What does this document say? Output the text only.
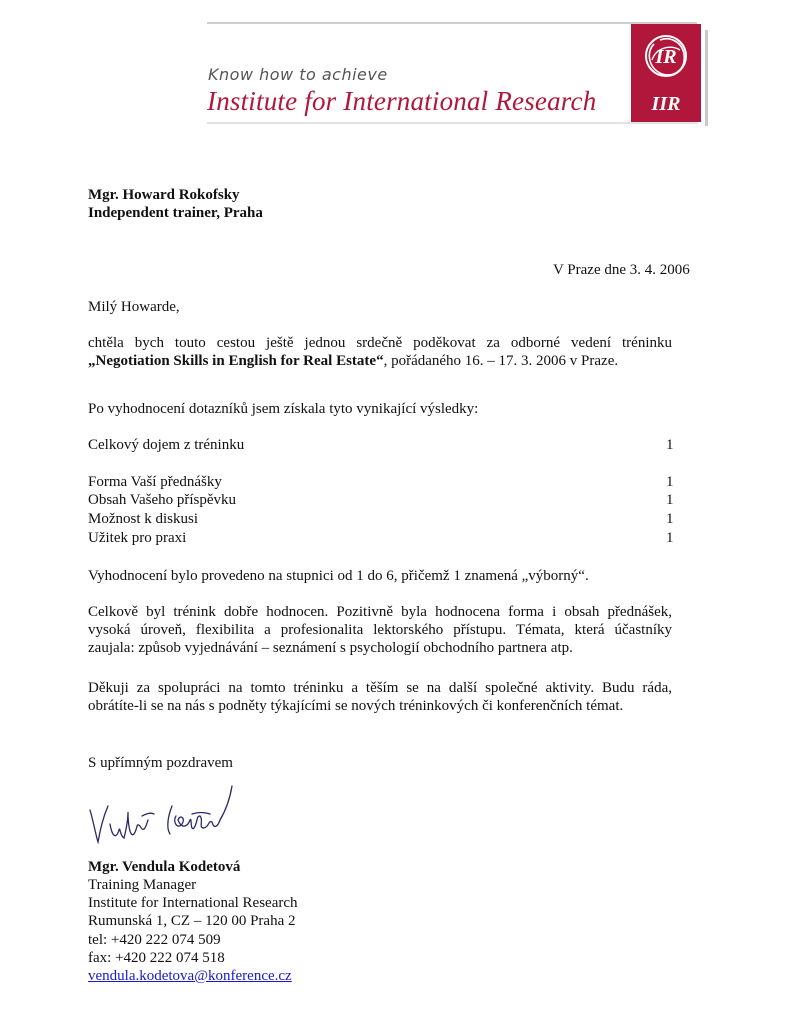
Know how to achieve
Institute for International Research
IR
IIR
Mgr. Howard Rokofsky
Independent trainer, Praha
V Praze dne 3. 4. 2006
Milý Howarde,
chtěla bych touto cestou ještě jednou srdečně poděkovat za odborné vedení tréninku
„Negotiation Skills in English for Real Estate“, pořádaného 16. – 17. 3. 2006 v Praze.
Po vyhodnocení dotazníků jsem získala tyto vynikající výsledky:
Celkový dojem z tréninku	1
Forma Vaší přednášky	1
Obsah Vašeho příspěvku	1
Možnost k diskusi	1
Užitek pro praxi	1
Vyhodnocení bylo provedeno na stupnici od 1 do 6, přičemž 1 znamená „výborný“.
Celkově byl trénink dobře hodnocen. Pozitivně byla hodnocena forma i obsah přednášek,
vysoká úroveň, flexibilita a profesionalita lektorského přístupu. Témata, která účastníky
zaujala: způsob vyjednávání – seznámení s psychologií obchodního partnera atp.
Děkuji za spolupráci na tomto tréninku a těším se na další společné aktivity. Budu ráda,
obrátíte-li se na nás s podněty týkajícími se nových tréninkových či konferenčních témat.
S upřímným pozdravem
Mgr. Vendula Kodetová
Training Manager
Institute for International Research
Rumunská 1, CZ – 120 00 Praha 2
tel: +420 222 074 509
fax: +420 222 074 518
vendula.kodetova@konference.cz
